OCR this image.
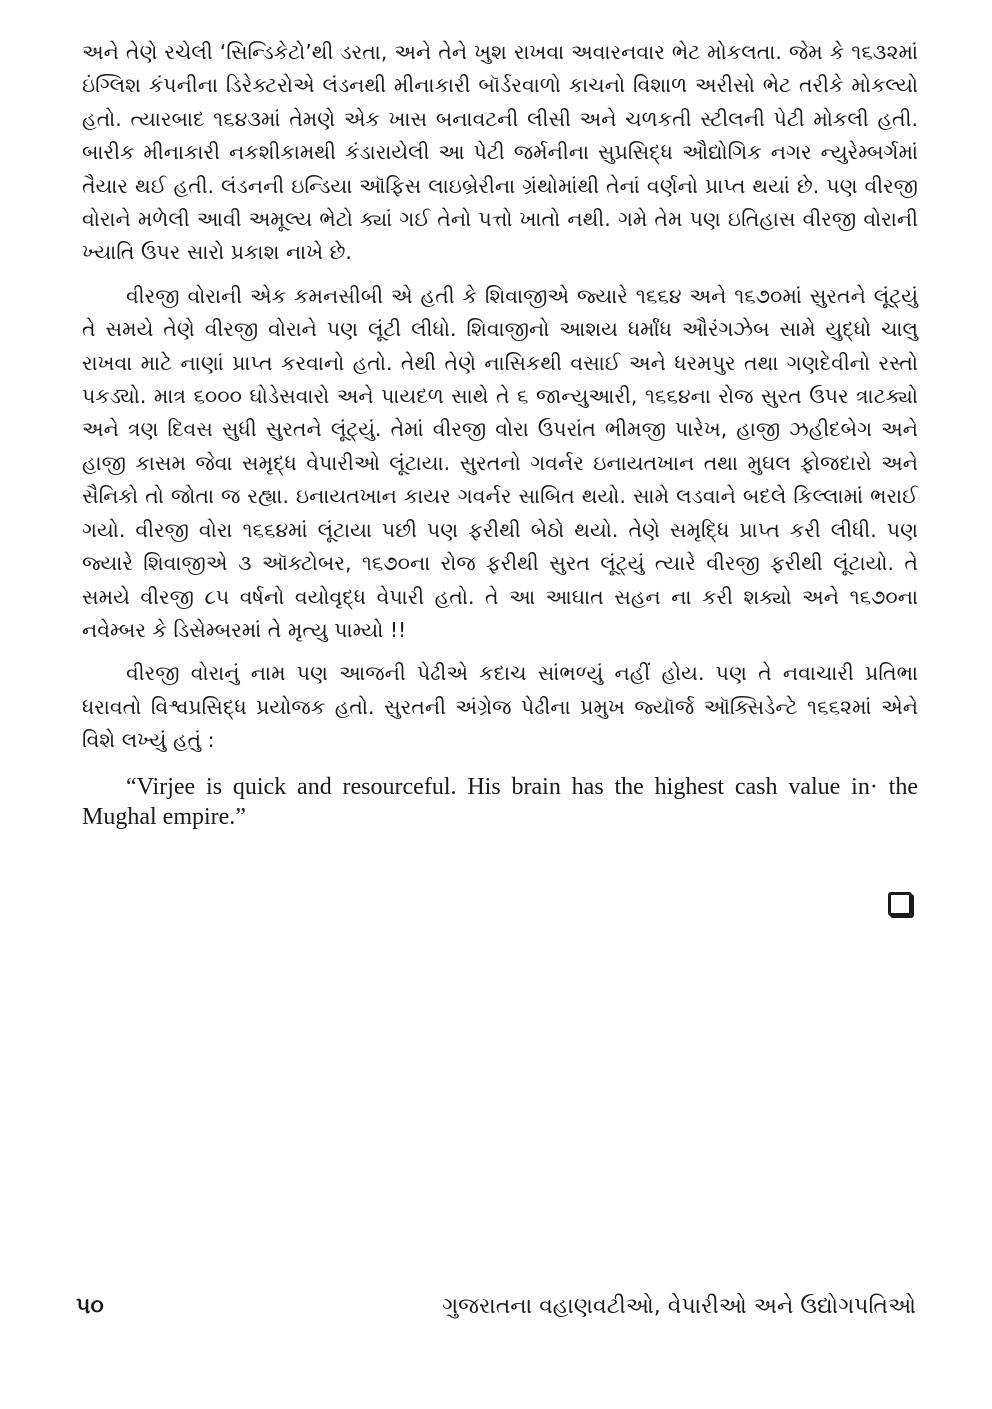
અને તેણે રચેલી ‘સિન્ડિકેટો’થી ડરતા, અને તેને ખુશ રાખવા અવારનવાર ભેટ મોકલતા. જેમ કે ૧૬૩૨માં ઇંગ્લિશ કંપનીના ડિરેક્ટરોએ લંડનથી મીનાકારી બૉર્ડરવાળો કાચનો વિશાળ અરીસો ભેટ તરીકે મોકલ્યો હતો. ત્યારબાદ ૧૬૪૩માં તેમણે એક ખાસ બનાવટની લીસી અને ચળકતી સ્ટીલની પેટી મોકલી હતી. બારીક મીનાકારી નકશીકામથી કંડારાયેલી આ પેટી જર્મનીના સુપ્રસિદ્ધ ઔદ્યોગિક નગર ન્યુરેમ્બર્ગમાં તૈયાર થઈ હતી. લંડનની ઇન્ડિયા ઑફિસ લાઇબ્રેરીના ગ્રંથોમાંથી તેનાં વર્ણનો પ્રાપ્ત થયાં છે. પણ વીરજી વોરાને મળેલી આવી અમૂલ્ય ભેટો ક્યાં ગઈ તેનો પત્તો ખાતો નથી. ગમે તેમ પણ ઇતિહાસ વીરજી વોરાની ખ્યાતિ ઉપર સારો પ્રકાશ નાખે છે.

વીરજી વોરાની એક કમનસીબી એ હતી કે શિવાજીએ જ્યારે ૧૬૬૪ અને ૧૬૭૦માં સુરતને લૂંટ્યું તે સમયે તેણે વીરજી વોરાને પણ લૂંટી લીધો. શિવાજીનો આશય ધર્માંધ ઔરંગઝેબ સામે યુદ્ધો ચાલુ રાખવા માટે નાણાં પ્રાપ્ત કરવાનો હતો. તેથી તેણે નાસિકથી વસાઈ અને ધરમપુર તથા ગણદેવીનો રસ્તો પકડ્યો. માત્ર ૬૦૦૦ ઘોડેસવારો અને પાયદળ સાથે તે ૬ જાન્યુઆરી, ૧૬૬૪ના રોજ સુરત ઉપર ત્રાટક્યો અને ત્રણ દિવસ સુધી સુરતને લૂંટ્યું. તેમાં વીરજી વોરા ઉપરાંત ભીમજી પારેખ, હાજી ઝહીદબેગ અને હાજી કાસમ જેવા સમૃદ્ધ વેપારીઓ લૂંટાયા. સુરતનો ગવર્નર ઇનાયતખાન તથા મુઘલ ફોજદારો અને સૈનિકો તો જોતા જ રહ્યા. ઇનાયતખાન કાયર ગવર્નર સાબિત થયો. સામે લડવાને બદલે કિલ્લામાં ભરાઈ ગયો. વીરજી વોરા ૧૬૬૪માં લૂંટાયા પછી પણ ફરીથી બેઠો થયો. તેણે સમૃદ્ધિ પ્રાપ્ત કરી લીધી. પણ જ્યારે શિવાજીએ ૩ ઑક્ટોબર, ૧૬૭૦ના રોજ ફરીથી સુરત લૂંટ્યું ત્યારે વીરજી ફરીથી લૂંટાયો. તે સમયે વીરજી ૮૫ વર્ષનો વયોવૃદ્ધ વેપારી હતો. તે આ આઘાત સહન ના કરી શક્યો અને ૧૬૭૦ના નવેમ્બર કે ડિસેમ્બરમાં તે મૃત્યુ પામ્યો !!

વીરજી વોરાનું નામ પણ આજની પેઢીએ કદાચ સાંભળ્યું નહીં હોય. પણ તે નવાચારી પ્રતિભા ધરાવતો વિશ્વપ્રસિદ્ધ પ્રયોજક હતો. સુરતની અંગ્રેજ પેઢીના પ્રમુખ જ્યૉર્જ ઑક્સિડેન્ટે ૧૬૬૨માં એને વિશે લખ્યું હતું :

“Virjee is quick and resourceful. His brain has the highest cash value in· the Mughal empire.”

૫૦	ગુજરાતના વહાણવટીઓ, વેપારીઓ અને ઉદ્યોગપતિઓ
